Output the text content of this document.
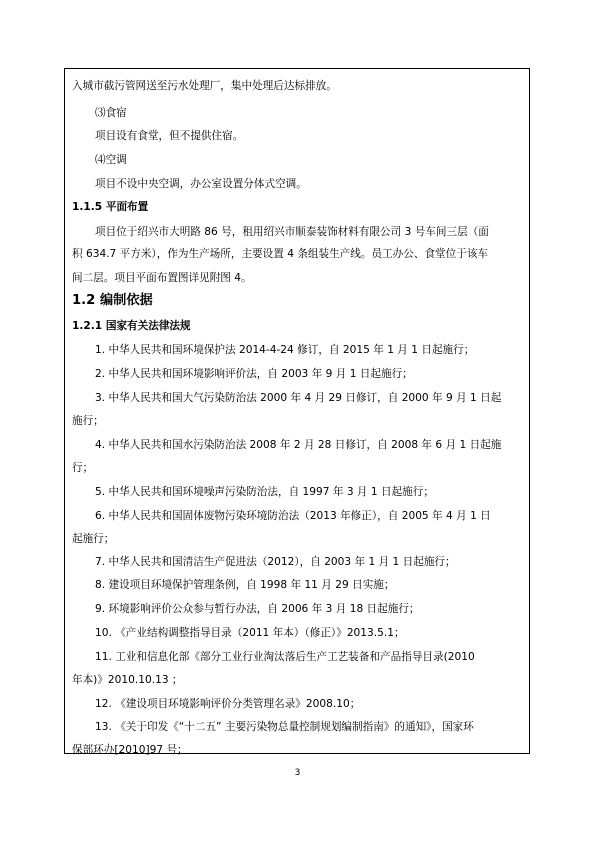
入城市截污管网送至污水处理厂，集中处理后达标排放。
⑶食宿
项目设有食堂，但不提供住宿。
⑷空调
项目不设中央空调，办公室设置分体式空调。
1.1.5 平面布置
项目位于绍兴市大明路 86 号，租用绍兴市顺泰装饰材料有限公司 3 号车间三层（面
积 634.7 平方米），作为生产场所，主要设置 4 条组装生产线。员工办公、食堂位于该车
间二层。项目平面布置图详见附图 4。
1.2 编制依据
1.2.1 国家有关法律法规
1. 中华人民共和国环境保护法 2014-4-24 修订，自 2015 年 1 月 1 日起施行；
2. 中华人民共和国环境影响评价法，自 2003 年 9 月 1 日起施行；
3. 中华人民共和国大气污染防治法 2000 年 4 月 29 日修订，自 2000 年 9 月 1 日起
施行；
4. 中华人民共和国水污染防治法 2008 年 2 月 28 日修订，自 2008 年 6 月 1 日起施
行；
5. 中华人民共和国环境噪声污染防治法，自 1997 年 3 月 1 日起施行；
6. 中华人民共和国固体废物污染环境防治法（2013 年修正），自 2005 年 4 月 1 日
起施行；
7. 中华人民共和国清洁生产促进法（2012），自 2003 年 1 月 1 日起施行；
8. 建设项目环境保护管理条例，自 1998 年 11 月 29 日实施；
9. 环境影响评价公众参与暂行办法，自 2006 年 3 月 18 日起施行；
10. 《产业结构调整指导目录（2011 年本）（修正）》2013.5.1；
11. 工业和信息化部《部分工业行业淘汰落后生产工艺装备和产品指导目录(2010
年本)》2010.10.13 ；
12. 《建设项目环境影响评价分类管理名录》2008.10；
13. 《关于印发《“十二五” 主要污染物总量控制规划编制指南》的通知》，国家环
保部环办[2010]97 号；
3
